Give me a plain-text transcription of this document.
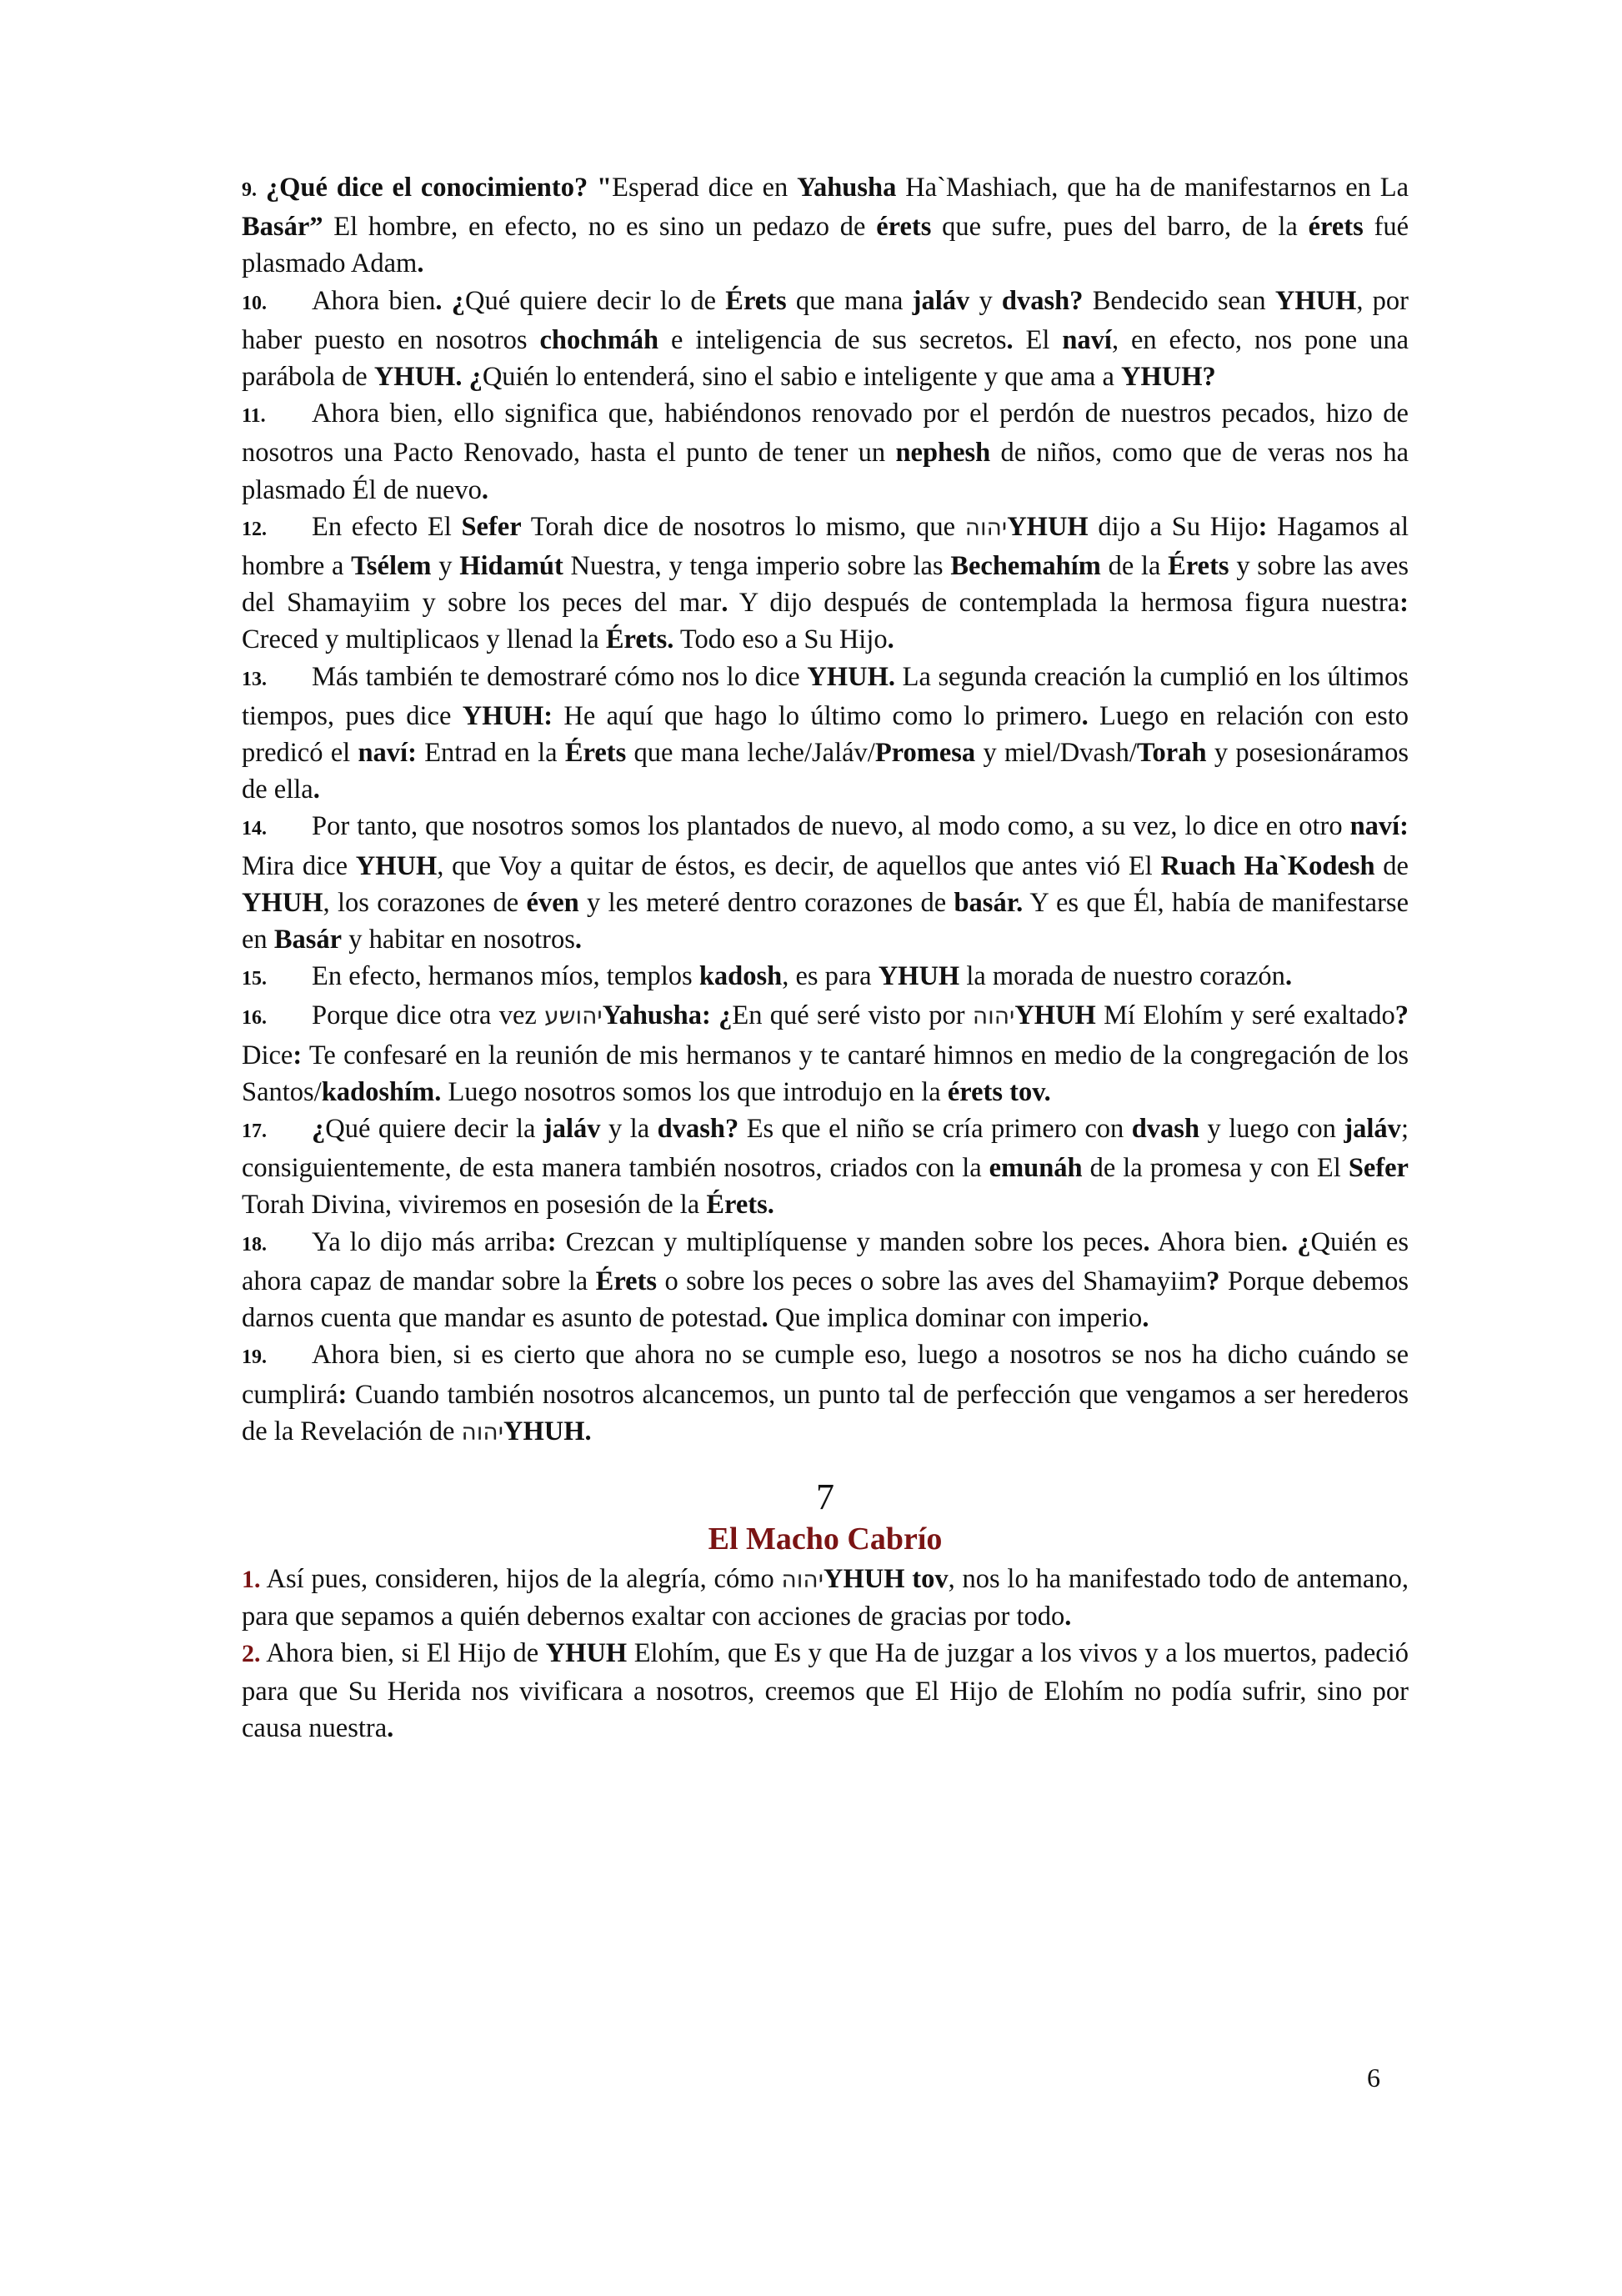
9. ¿Qué dice el conocimiento? "Esperad dice en Yahusha Ha`Mashiach, que ha de manifestarnos en La Basár” El hombre, en efecto, no es sino un pedazo de érets que sufre, pues del barro, de la érets fué plasmado Adam.

10. Ahora bien. ¿Qué quiere decir lo de Érets que mana jaláv y dvash? Bendecido sean YHUH, por haber puesto en nosotros chochmáh e inteligencia de sus secretos. El naví, en efecto, nos pone una parábola de YHUH. ¿Quién lo entenderá, sino el sabio e inteligente y que ama a YHUH?

11. Ahora bien, ello significa que, habiéndonos renovado por el perdón de nuestros pecados, hizo de nosotros una Pacto Renovado, hasta el punto de tener un nephesh de niños, como que de veras nos ha plasmado Él de nuevo.

12. En efecto El Sefer Torah dice de nosotros lo mismo, que יהוהYHUH dijo a Su Hijo: Hagamos al hombre a Tsélem y Hidamút Nuestra, y tenga imperio sobre las Bechemahím de la Érets y sobre las aves del Shamayiim y sobre los peces del mar. Y dijo después de contemplada la hermosa figura nuestra: Creced y multiplicaos y llenad la Érets. Todo eso a Su Hijo.

13. Más también te demostraré cómo nos lo dice YHUH. La segunda creación la cumplió en los últimos tiempos, pues dice YHUH: He aquí que hago lo último como lo primero. Luego en relación con esto predicó el naví: Entrad en la Érets que mana leche/Jaláv/Promesa y miel/Dvash/Torah y posesionáramos de ella.

14. Por tanto, que nosotros somos los plantados de nuevo, al modo como, a su vez, lo dice en otro naví: Mira dice YHUH, que Voy a quitar de éstos, es decir, de aquellos que antes vió El Ruach Ha`Kodesh de YHUH, los corazones de éven y les meteré dentro corazones de basár. Y es que Él, había de manifestarse en Basár y habitar en nosotros.

15. En efecto, hermanos míos, templos kadosh, es para YHUH la morada de nuestro corazón.

16. Porque dice otra vez יהושעYahusha: ¿En qué seré visto por יהוהYHUH Mí Elohím y seré exaltado? Dice: Te confesaré en la reunión de mis hermanos y te cantaré himnos en medio de la congregación de los Santos/kadoshím. Luego nosotros somos los que introdujo en la érets tov.

17. ¿Qué quiere decir la jaláv y la dvash? Es que el niño se cría primero con dvash y luego con jaláv; consiguientemente, de esta manera también nosotros, criados con la emunáh de la promesa y con El Sefer Torah Divina, viviremos en posesión de la Érets.

18. Ya lo dijo más arriba: Crezcan y multiplíquense y manden sobre los peces. Ahora bien. ¿Quién es ahora capaz de mandar sobre la Érets o sobre los peces o sobre las aves del Shamayiim? Porque debemos darnos cuenta que mandar es asunto de potestad. Que implica dominar con imperio.

19. Ahora bien, si es cierto que ahora no se cumple eso, luego a nosotros se nos ha dicho cuándo se cumplirá: Cuando también nosotros alcancemos, un punto tal de perfección que vengamos a ser herederos de la Revelación de יהוהYHUH.

7
El Macho Cabrío

1. Así pues, consideren, hijos de la alegría, cómo יהוהYHUH tov, nos lo ha manifestado todo de antemano, para que sepamos a quién debernos exaltar con acciones de gracias por todo.

2. Ahora bien, si El Hijo de YHUH Elohím, que Es y que Ha de juzgar a los vivos y a los muertos, padeció para que Su Herida nos vivificara a nosotros, creemos que El Hijo de Elohím no podía sufrir, sino por causa nuestra.

6
